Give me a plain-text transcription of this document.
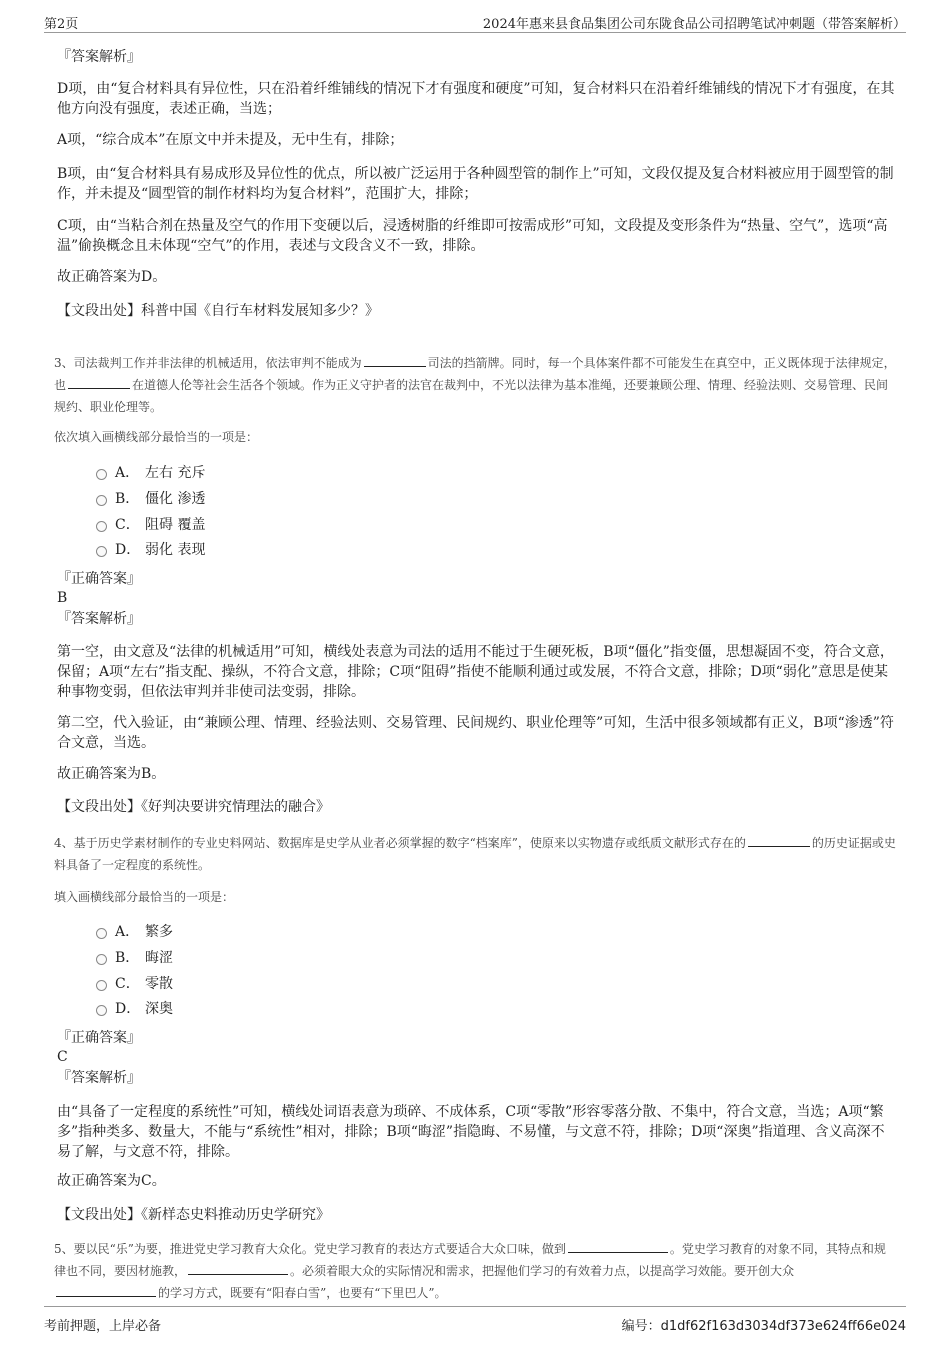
第2页	2024年惠来县食品集团公司东陇食品公司招聘笔试冲刺题（带答案解析）
『答案解析』
D项，由“复合材料具有异位性，只在沿着纤维铺线的情况下才有强度和硬度”可知，复合材料只在沿着纤维铺线的情况下才有强度，在其他方向没有强度，表述正确，当选；
A项，“综合成本”在原文中并未提及，无中生有，排除；
B项，由“复合材料具有易成形及异位性的优点，所以被广泛运用于各种圆型管的制作上”可知，文段仅提及复合材料被应用于圆型管的制作，并未提及“圆型管的制作材料均为复合材料”，范围扩大，排除；
C项，由“当粘合剂在热量及空气的作用下变硬以后，浸透树脂的纤维即可按需成形”可知，文段提及变形条件为“热量、空气”，选项“高温”偷换概念且未体现“空气”的作用，表述与文段含义不一致，排除。
故正确答案为D。
【文段出处】科普中国《自行车材料发展知多少？》
3、司法裁判工作并非法律的机械适用，依法审判不能成为	司法的挡箭牌。同时，每一个具体案件都不可能发生在真空中，正义既体现于法律规定，也	在道德人伦等社会生活各个领域。作为正义守护者的法官在裁判中，不光以法律为基本准绳，还要兼顾公理、情理、经验法则、交易管理、民间规约、职业伦理等。
依次填入画横线部分最恰当的一项是：
A． 左右 充斥
B． 僵化 渗透
C． 阻碍 覆盖
D． 弱化 表现
『正确答案』
B
『答案解析』
第一空，由文意及“法律的机械适用”可知，横线处表意为司法的适用不能过于生硬死板，B项“僵化”指变僵，思想凝固不变，符合文意，保留；A项“左右”指支配、操纵，不符合文意，排除；C项“阻碍”指使不能顺利通过或发展，不符合文意，排除；D项“弱化”意思是使某种事物变弱，但依法审判并非使司法变弱，排除。
第二空，代入验证，由“兼顾公理、情理、经验法则、交易管理、民间规约、职业伦理等”可知，生活中很多领域都有正义，B项“渗透”符合文意，当选。
故正确答案为B。
【文段出处】《好判决要讲究情理法的融合》
4、基于历史学素材制作的专业史料网站、数据库是史学从业者必须掌握的数字“档案库”，使原来以实物遗存或纸质文献形式存在的	的历史证据或史料具备了一定程度的系统性。
填入画横线部分最恰当的一项是：
A． 繁多
B． 晦涩
C． 零散
D． 深奥
『正确答案』
C
『答案解析』
由“具备了一定程度的系统性”可知，横线处词语表意为琐碎、不成体系，C项“零散”形容零落分散、不集中，符合文意，当选；A项“繁多”指种类多、数量大，不能与“系统性”相对，排除；B项“晦涩”指隐晦、不易懂，与文意不符，排除；D项“深奥”指道理、含义高深不易了解，与文意不符，排除。
故正确答案为C。
【文段出处】《新样态史料推动历史学研究》
5、要以民“乐”为要，推进党史学习教育大众化。党史学习教育的表达方式要适合大众口味，做到	。党史学习教育的对象不同，其特点和规律也不同，要因材施教，	。必须着眼大众的实际情况和需求，把握他们学习的有效着力点，以提高学习效能。要开创大众的学习方式，既要有“阳春白雪”，也要有“下里巴人”。
考前押题，上岸必备	编号：d1df62f163d3034df373e624ff66e024
